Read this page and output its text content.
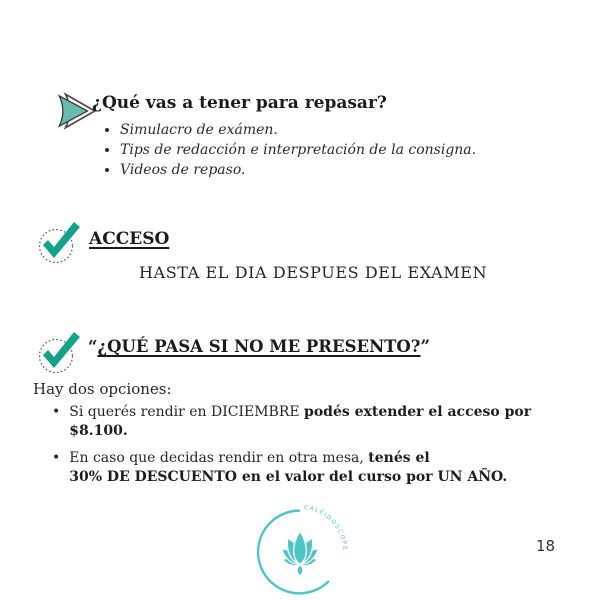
¿Qué vas a tener para repasar?
• Simulacro de exámen.
• Tips de redacción e interpretación de la consigna.
• Videos de repaso.
ACCESO
HASTA EL DIA DESPUES DEL EXAMEN
“¿QUÉ PASA SI NO ME PRESENTO?”
Hay dos opciones:
• Si querés rendir en DICIEMBRE podés extender el acceso por  $8.100.
• En caso que decidas rendir en otra mesa, tenés el
30% DE DESCUENTO en el valor del curso por UN AÑO.
CALEIDOSCOPE	18
